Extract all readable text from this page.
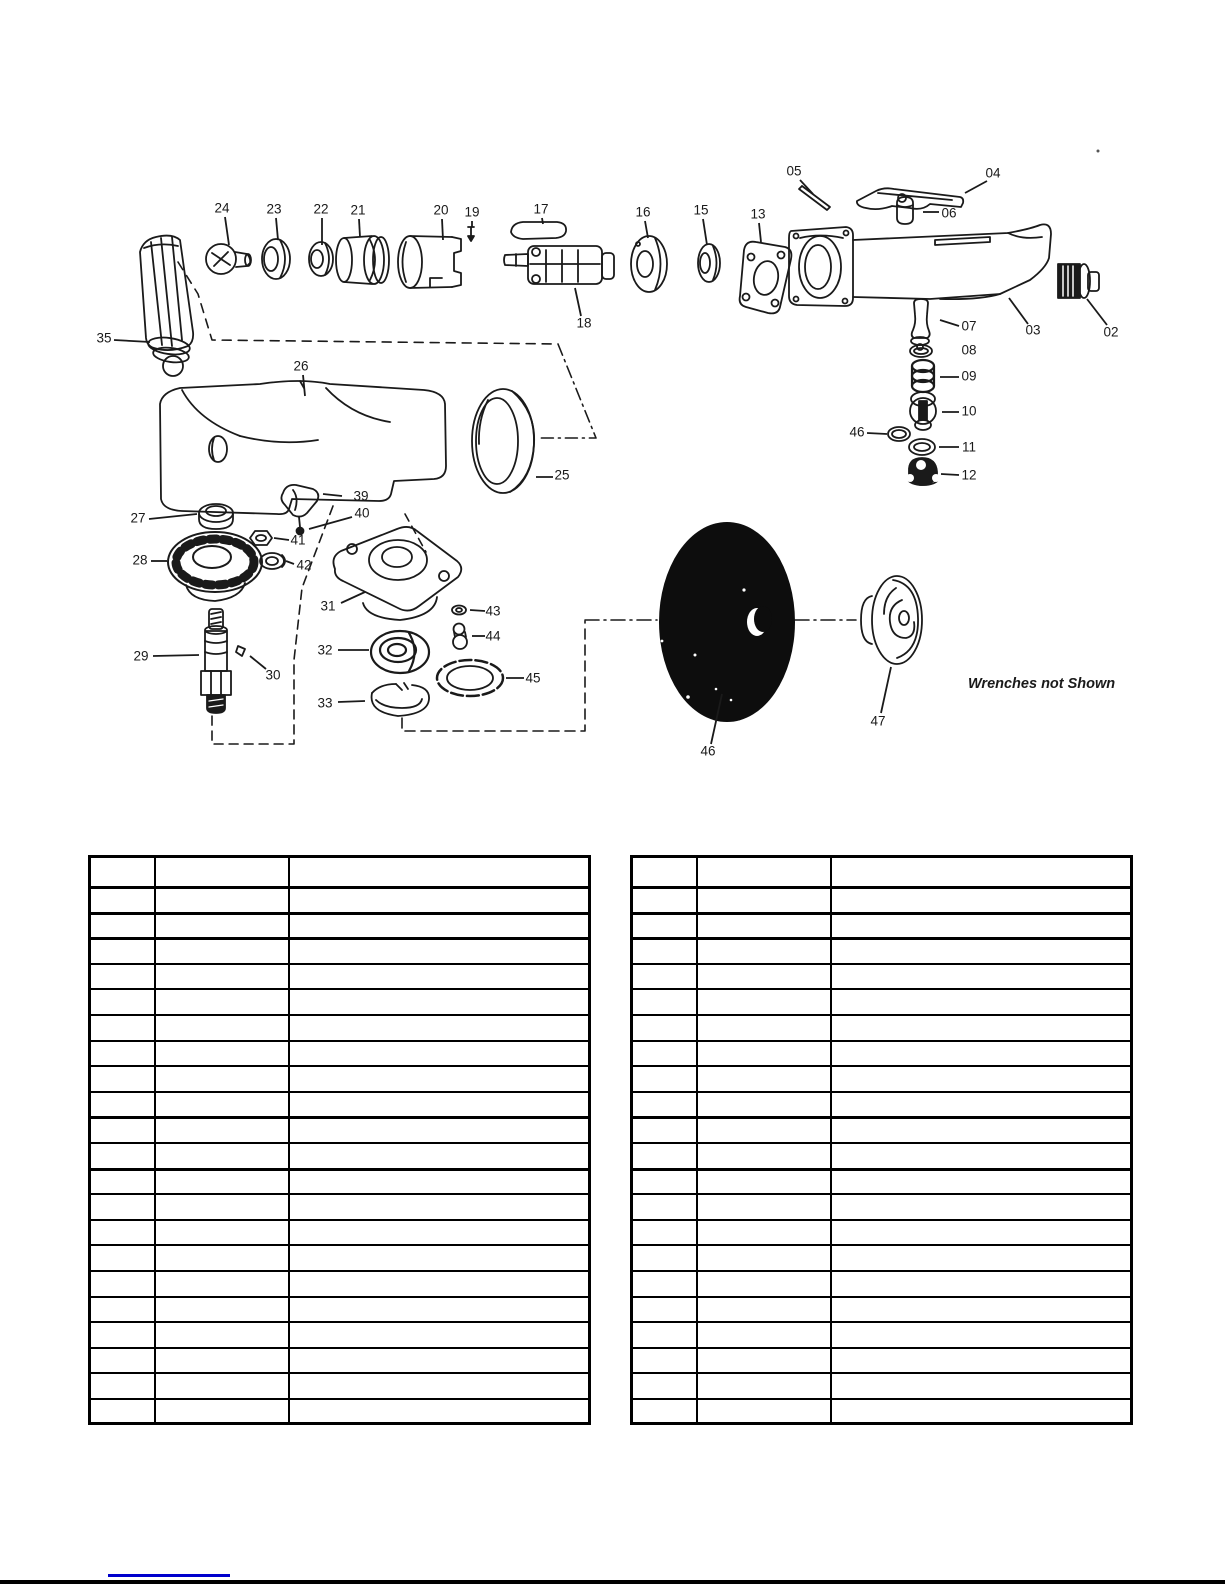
24	23 22 21	20 19	17
18
16	15	13
05	04
06
03	02
07
08
09
10
46
11
12
35
26
25
27
39
40
41
42
28
29
30
31
32
33
43
44
45
46
47
Wrenches not Shown
